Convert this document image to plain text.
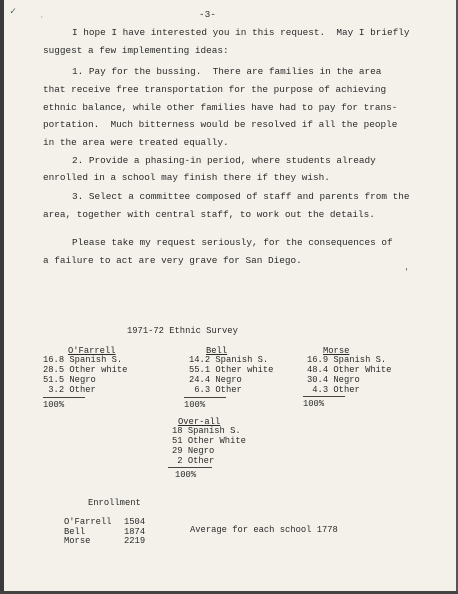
✓	·
'
-3-
I hope I have interested you in this request.  May I briefly
suggest a few implementing ideas:
1. Pay for the bussing.  There are families in the area
that receive free transportation for the purpose of achieving
ethnic balance, while other families have had to pay for trans-
portation.  Much bitterness would be resolved if all the people
in the area were treated equally.
2. Provide a phasing-in period, where students already
enrolled in a school may finish there if they wish.
3. Select a committee composed of staff and parents from the
area, together with central staff, to work out the details.
Please take my request seriously, for the consequences of
a failure to act are very grave for San Diego.
1971-72 Ethnic Survey
O'Farrell
16.8 Spanish S.
28.5 Other white
51.5 Negro
3.2 Other
100%
Bell
14.2 Spanish S.
55.1 Other white
24.4 Negro
6.3 Other
100%
Morse
16.9 Spanish S.
48.4 Other White
30.4 Negro
4.3 Other
100%
Over-all
18 Spanish S.
51 Other White
29 Negro
2 Other
100%
Enrollment
O'Farrell 1504
Bell	1874
Morse	2219
Average for each school 1778
